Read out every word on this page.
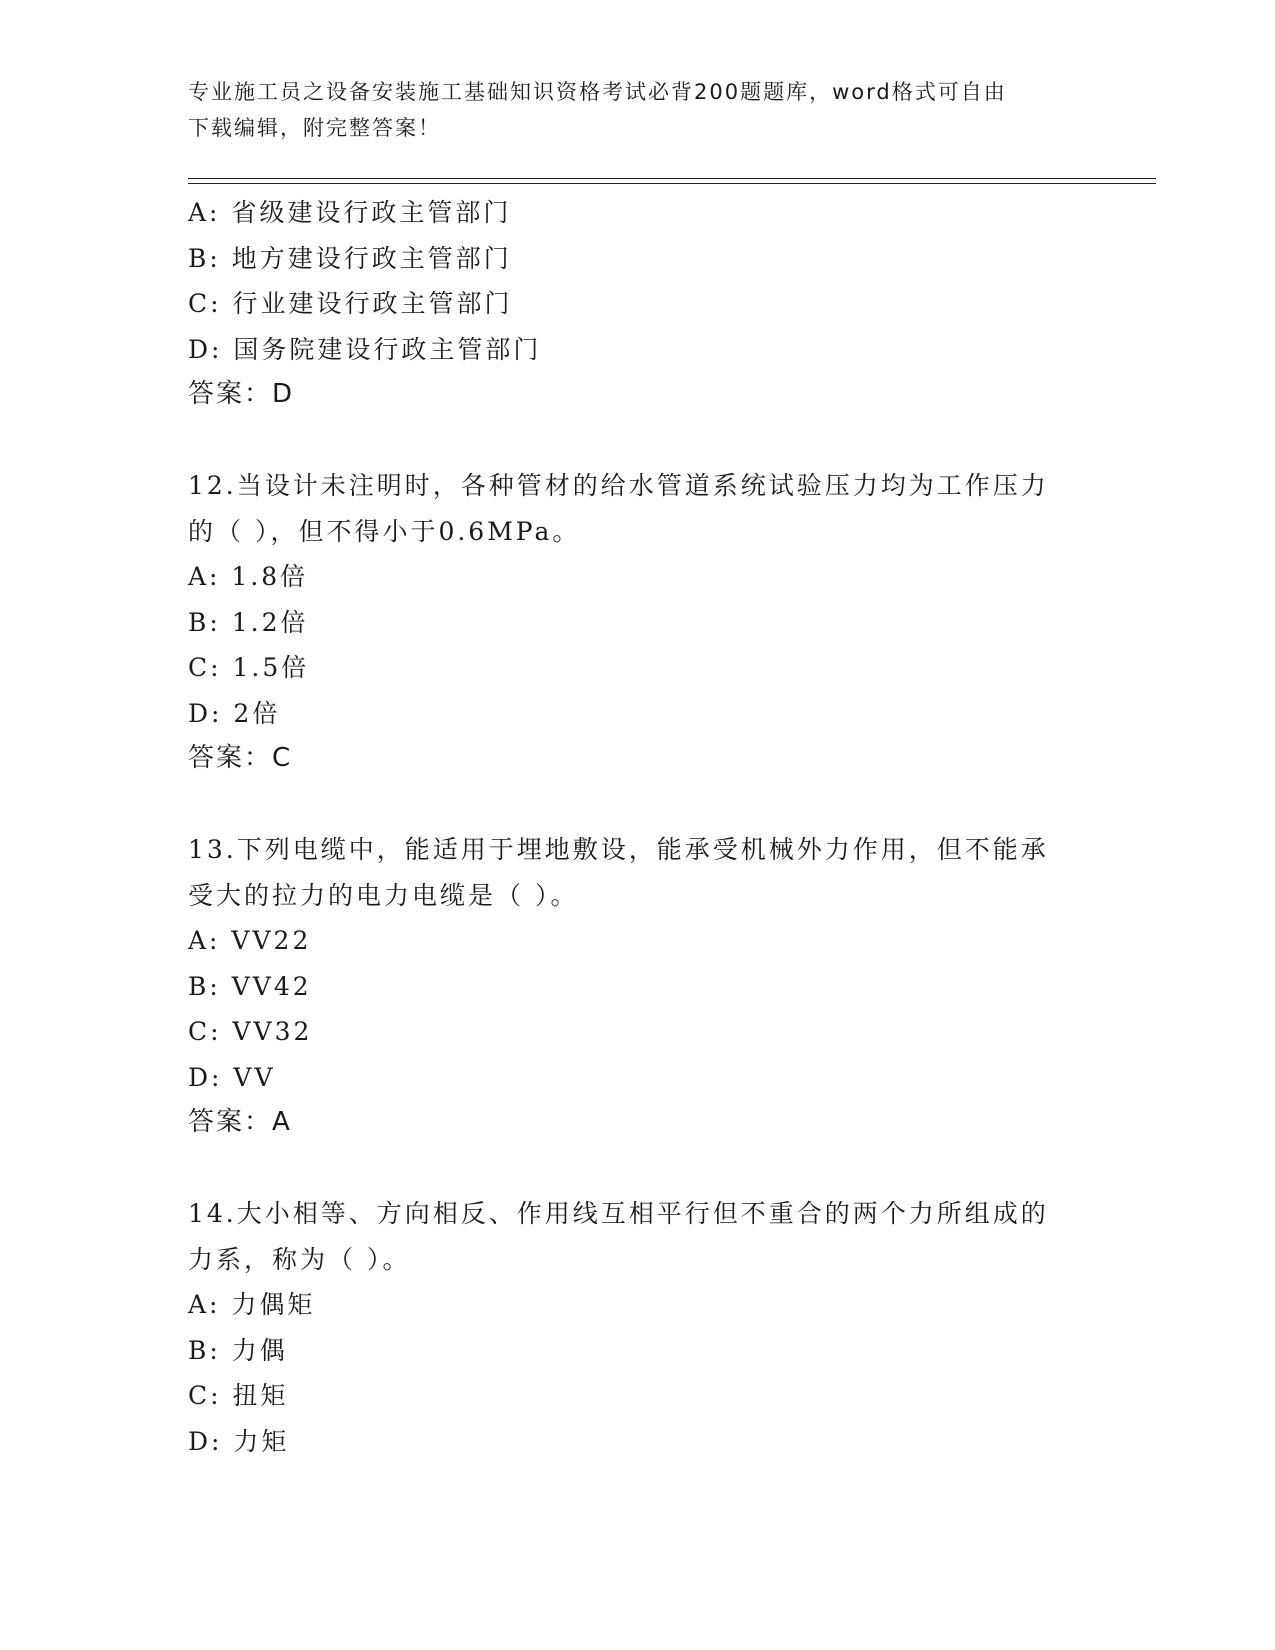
专业施工员之设备安装施工基础知识资格考试必背200题题库，word格式可自由
下载编辑，附完整答案！
A: 省级建设行政主管部门
B: 地方建设行政主管部门
C: 行业建设行政主管部门
D: 国务院建设行政主管部门
答案：D
12.当设计未注明时，各种管材的给水管道系统试验压力均为工作压力
的（ ），但不得小于0.6MPa。
A: 1.8倍
B: 1.2倍
C: 1.5倍
D: 2倍
答案：C
13.下列电缆中，能适用于埋地敷设，能承受机械外力作用，但不能承
受大的拉力的电力电缆是（ ）。
A: VV22
B: VV42
C: VV32
D: VV
答案：A
14.大小相等、方向相反、作用线互相平行但不重合的两个力所组成的
力系，称为（ ）。
A: 力偶矩
B: 力偶
C: 扭矩
D: 力矩
